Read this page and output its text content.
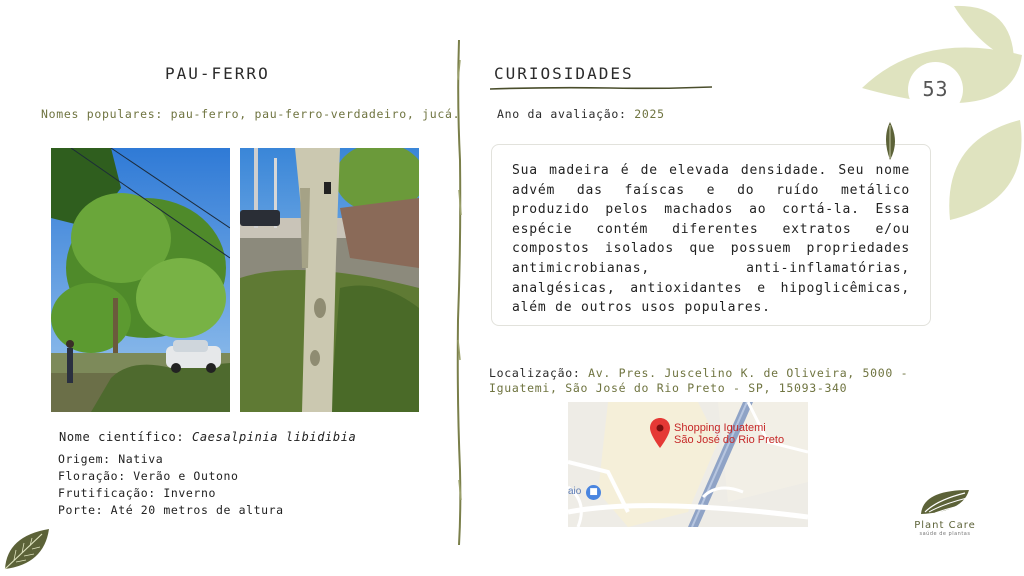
PAU-FERRO
Nomes populares: pau-ferro, pau-ferro-verdadeiro, jucá.
Nome científico: Caesalpinia libidibia
Origem: Nativa
Floração: Verão e Outono
Frutificação: Inverno
Porte: Até 20 metros de altura
CURIOSIDADES
Ano da avaliação: 2025

Sua madeira é de elevada densidade. Seu nome advém das faíscas e do ruído metálico produzido pelos machados ao cortá-la. Essa espécie contém diferentes extratos e/ou compostos isolados que possuem propriedades antimicrobianas, anti-inflamatórias, analgésicas, antioxidantes e hipoglicêmicas, além de outros usos populares.

Localização: Av. Pres. Juscelino K. de Oliveira, 5000 - Iguatemi, São José do Rio Preto - SP, 15093-340
Shopping Iguatemi
São José do Rio Preto
aio ■
53
Plant Care
saúde de plantas
